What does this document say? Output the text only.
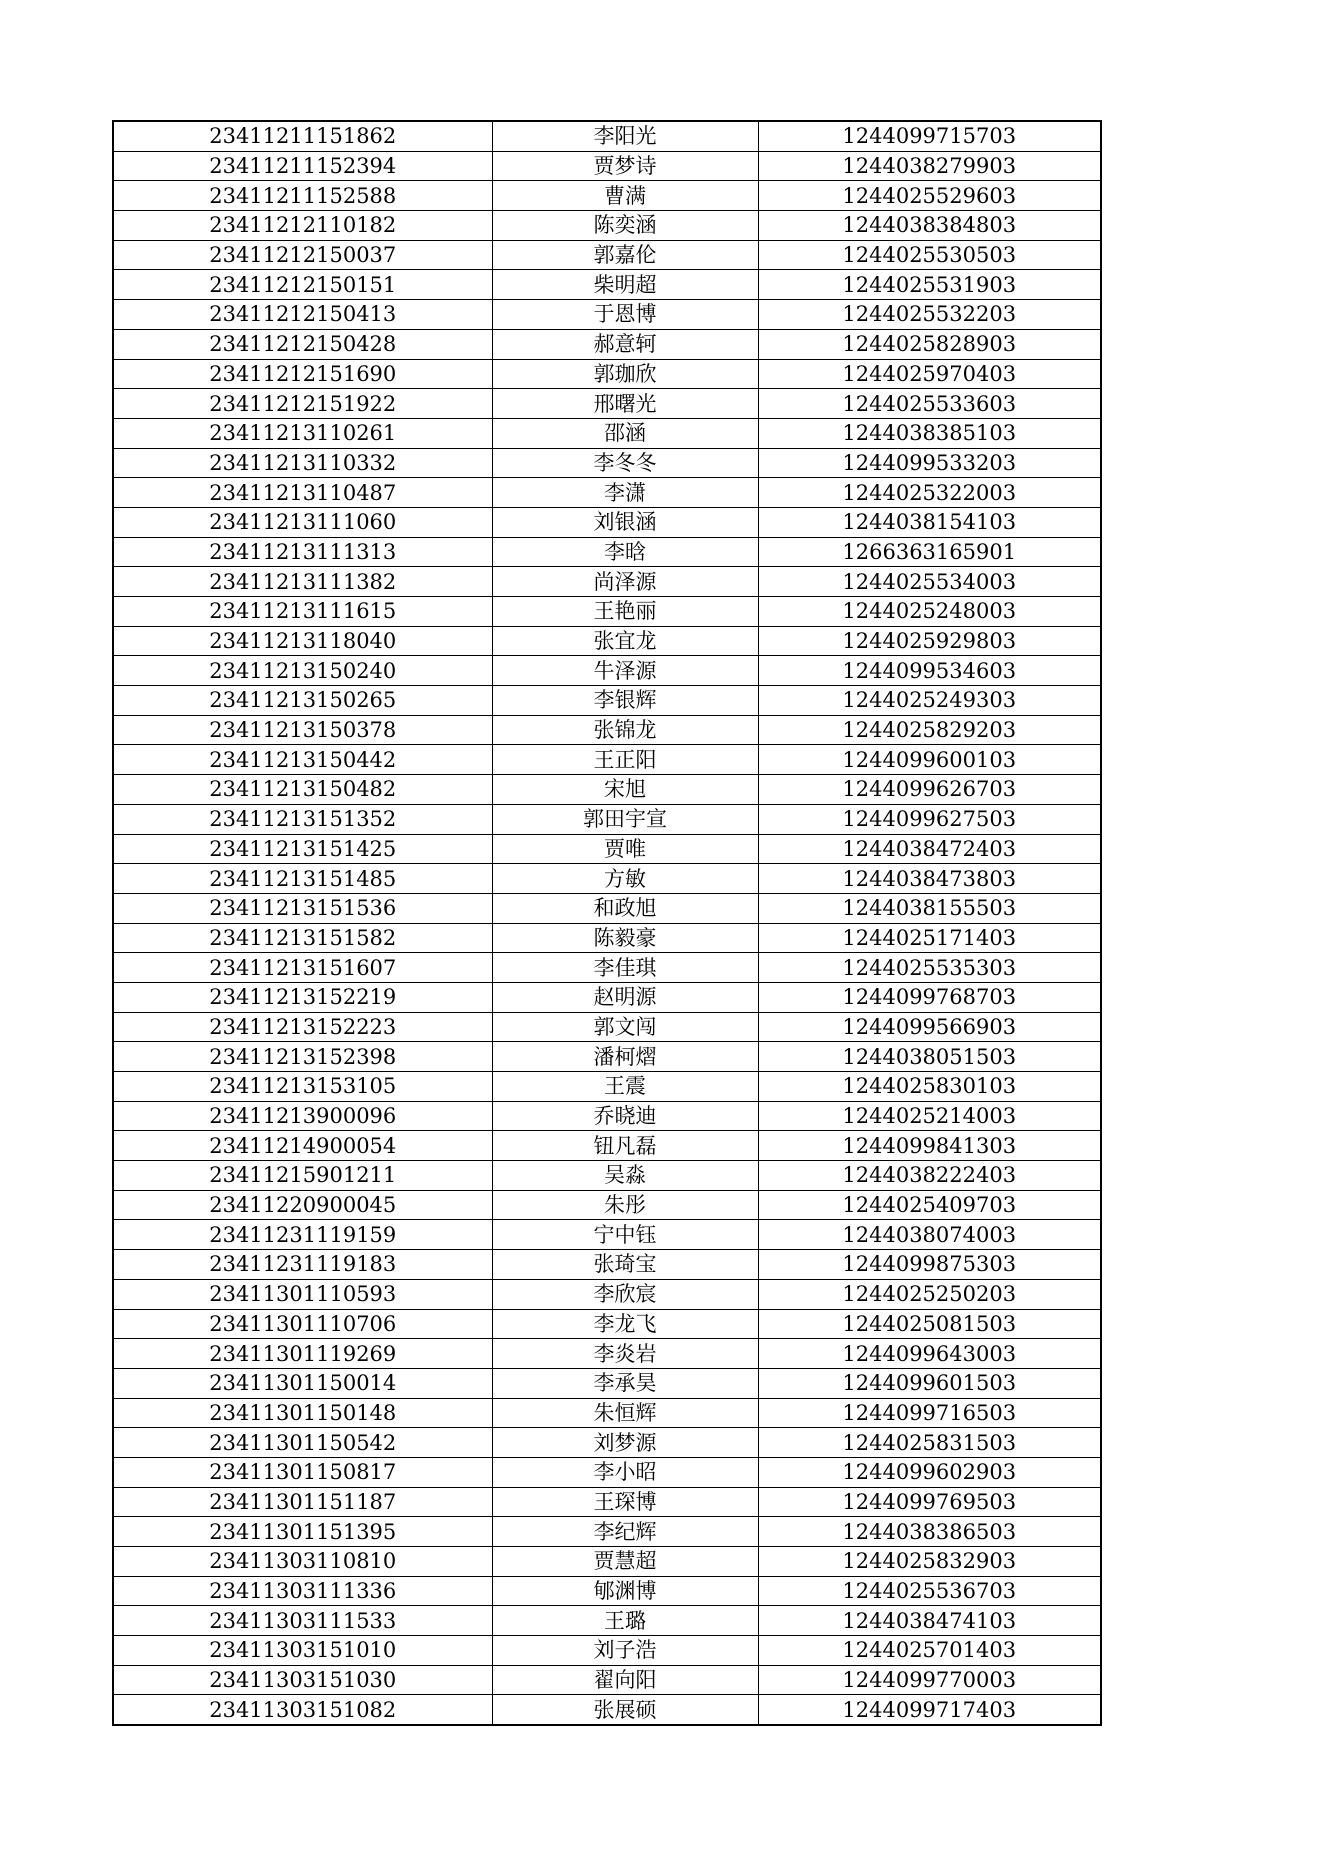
23411211151862	李阳光	1244099715703
23411211152394	贾梦诗	1244038279903
23411211152588	曹满	1244025529603
23411212110182	陈奕涵	1244038384803
23411212150037	郭嘉伦	1244025530503
23411212150151	柴明超	1244025531903
23411212150413	于恩博	1244025532203
23411212150428	郝意轲	1244025828903
23411212151690	郭珈欣	1244025970403
23411212151922	邢曙光	1244025533603
23411213110261	邵涵	1244038385103
23411213110332	李冬冬	1244099533203
23411213110487	李潇	1244025322003
23411213111060	刘银涵	1244038154103
23411213111313	李晗	1266363165901
23411213111382	尚泽源	1244025534003
23411213111615	王艳丽	1244025248003
23411213118040	张宜龙	1244025929803
23411213150240	牛泽源	1244099534603
23411213150265	李银辉	1244025249303
23411213150378	张锦龙	1244025829203
23411213150442	王正阳	1244099600103
23411213150482	宋旭	1244099626703
23411213151352	郭田宇宣	1244099627503
23411213151425	贾唯	1244038472403
23411213151485	方敏	1244038473803
23411213151536	和政旭	1244038155503
23411213151582	陈毅豪	1244025171403
23411213151607	李佳琪	1244025535303
23411213152219	赵明源	1244099768703
23411213152223	郭文闯	1244099566903
23411213152398	潘柯熠	1244038051503
23411213153105	王震	1244025830103
23411213900096	乔晓迪	1244025214003
23411214900054	钮凡磊	1244099841303
23411215901211	吴淼	1244038222403
23411220900045	朱彤	1244025409703
23411231119159	宁中钰	1244038074003
23411231119183	张琦宝	1244099875303
23411301110593	李欣宸	1244025250203
23411301110706	李龙飞	1244025081503
23411301119269	李炎岩	1244099643003
23411301150014	李承昊	1244099601503
23411301150148	朱恒辉	1244099716503
23411301150542	刘梦源	1244025831503
23411301150817	李小昭	1244099602903
23411301151187	王琛博	1244099769503
23411301151395	李纪辉	1244038386503
23411303110810	贾慧超	1244025832903
23411303111336	郇渊博	1244025536703
23411303111533	王璐	1244038474103
23411303151010	刘子浩	1244025701403
23411303151030	翟向阳	1244099770003
23411303151082	张展硕	1244099717403
